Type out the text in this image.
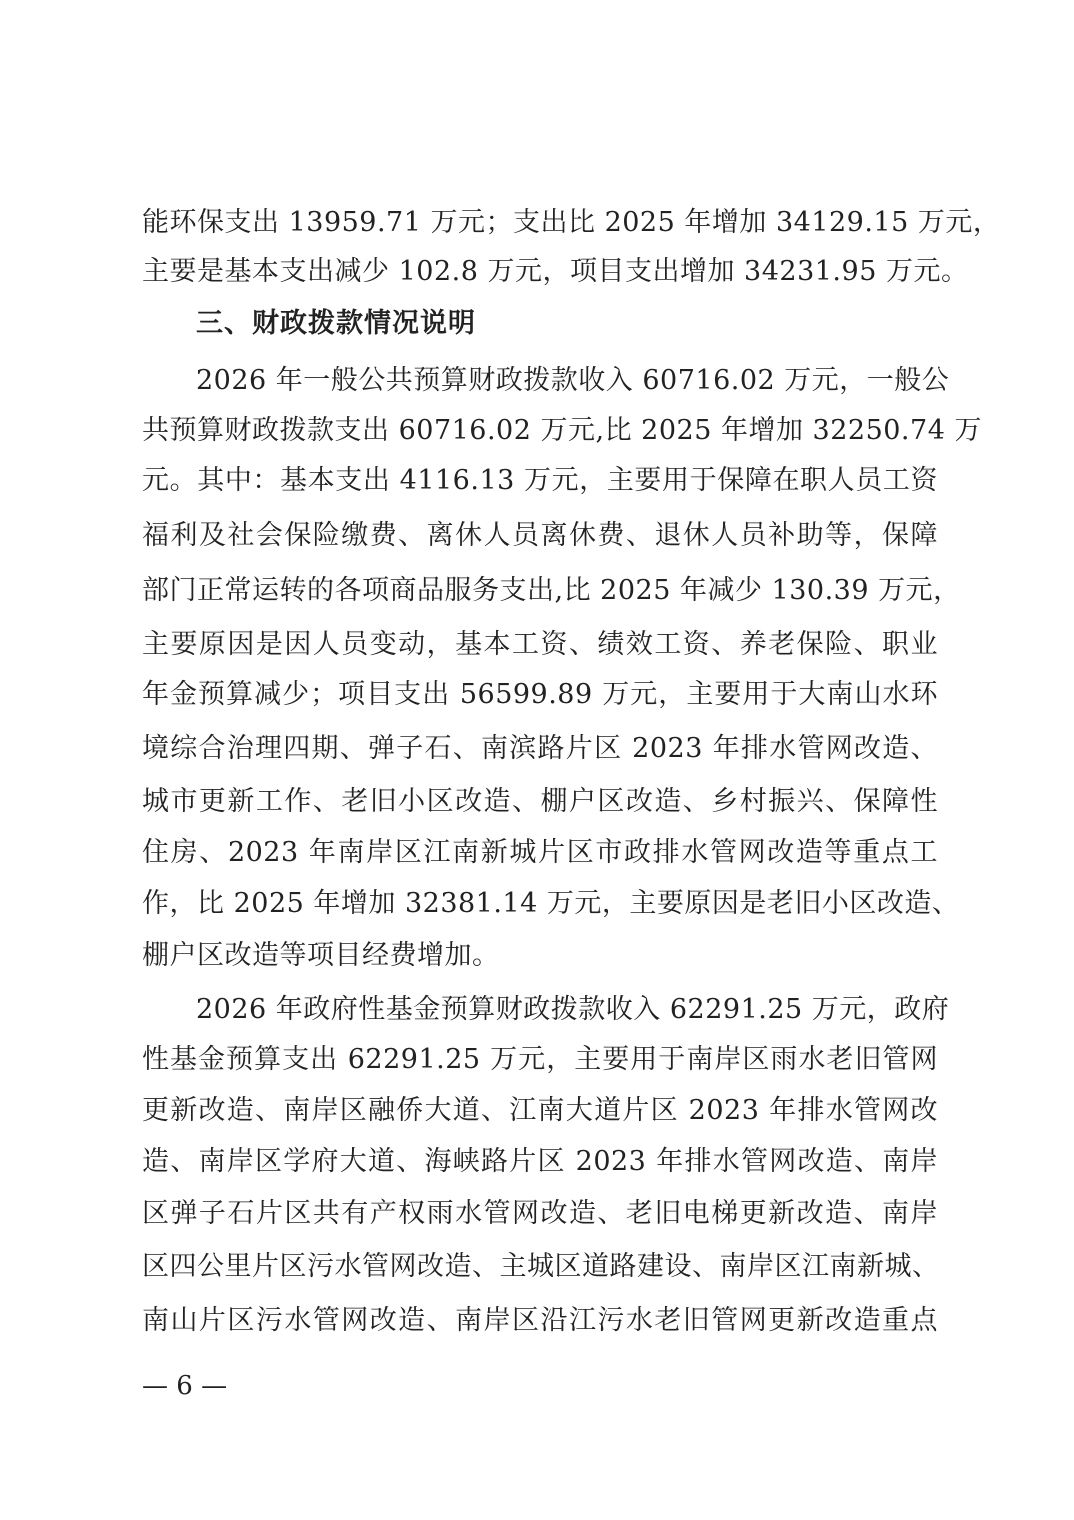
能环保支出 13959.71 万元；支出比 2025 年增加 34129.15 万元，
主要是基本支出减少 102.8 万元，项目支出增加 34231.95 万元。
三、财政拨款情况说明
2026 年一般公共预算财政拨款收入 60716.02 万元，一般公
共预算财政拨款支出 60716.02 万元,比 2025 年增加 32250.74 万
元。其中：基本支出 4116.13 万元，主要用于保障在职人员工资
福利及社会保险缴费、离休人员离休费、退休人员补助等，保障
部门正常运转的各项商品服务支出,比 2025 年减少 130.39 万元，
主要原因是因人员变动，基本工资、绩效工资、养老保险、职业
年金预算减少；项目支出 56599.89 万元，主要用于大南山水环
境综合治理四期、弹子石、南滨路片区 2023 年排水管网改造、
城市更新工作、老旧小区改造、棚户区改造、乡村振兴、保障性
住房、2023 年南岸区江南新城片区市政排水管网改造等重点工
作，比 2025 年增加 32381.14 万元，主要原因是老旧小区改造、
棚户区改造等项目经费增加。
2026 年政府性基金预算财政拨款收入 62291.25 万元，政府
性基金预算支出 62291.25 万元，主要用于南岸区雨水老旧管网
更新改造、南岸区融侨大道、江南大道片区 2023 年排水管网改
造、南岸区学府大道、海峡路片区 2023 年排水管网改造、南岸
区弹子石片区共有产权雨水管网改造、老旧电梯更新改造、南岸
区四公里片区污水管网改造、主城区道路建设、南岸区江南新城、
南山片区污水管网改造、南岸区沿江污水老旧管网更新改造重点
— 6 —
